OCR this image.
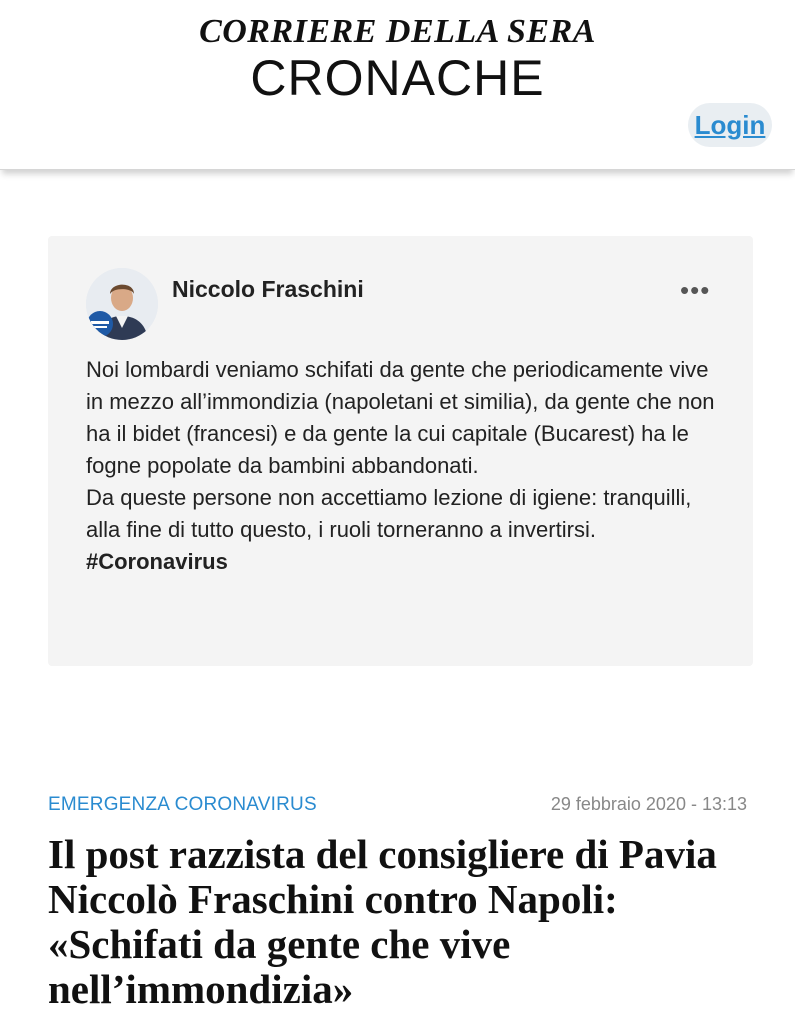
CORRIERE DELLA SERA
CRONACHE
Login
Niccolo Fraschini	•••

Noi lombardi veniamo schifati da gente che periodicamente vive in mezzo all’immondizia (napoletani et similia), da gente che non ha il bidet (francesi) e da gente la cui capitale (Bucarest) ha le fogne popolate da bambini abbandonati.

Da queste persone non accettiamo lezione di igiene: tranquilli, alla fine di tutto questo, i ruoli torneranno a invertirsi.

#Coronavirus

EMERGENZA CORONAVIRUS	29 febbraio 2020 - 13:13
Il post razzista del consigliere di Pavia Niccolò Fraschini contro Napoli: «Schifati da gente che vive nell’immondizia»
